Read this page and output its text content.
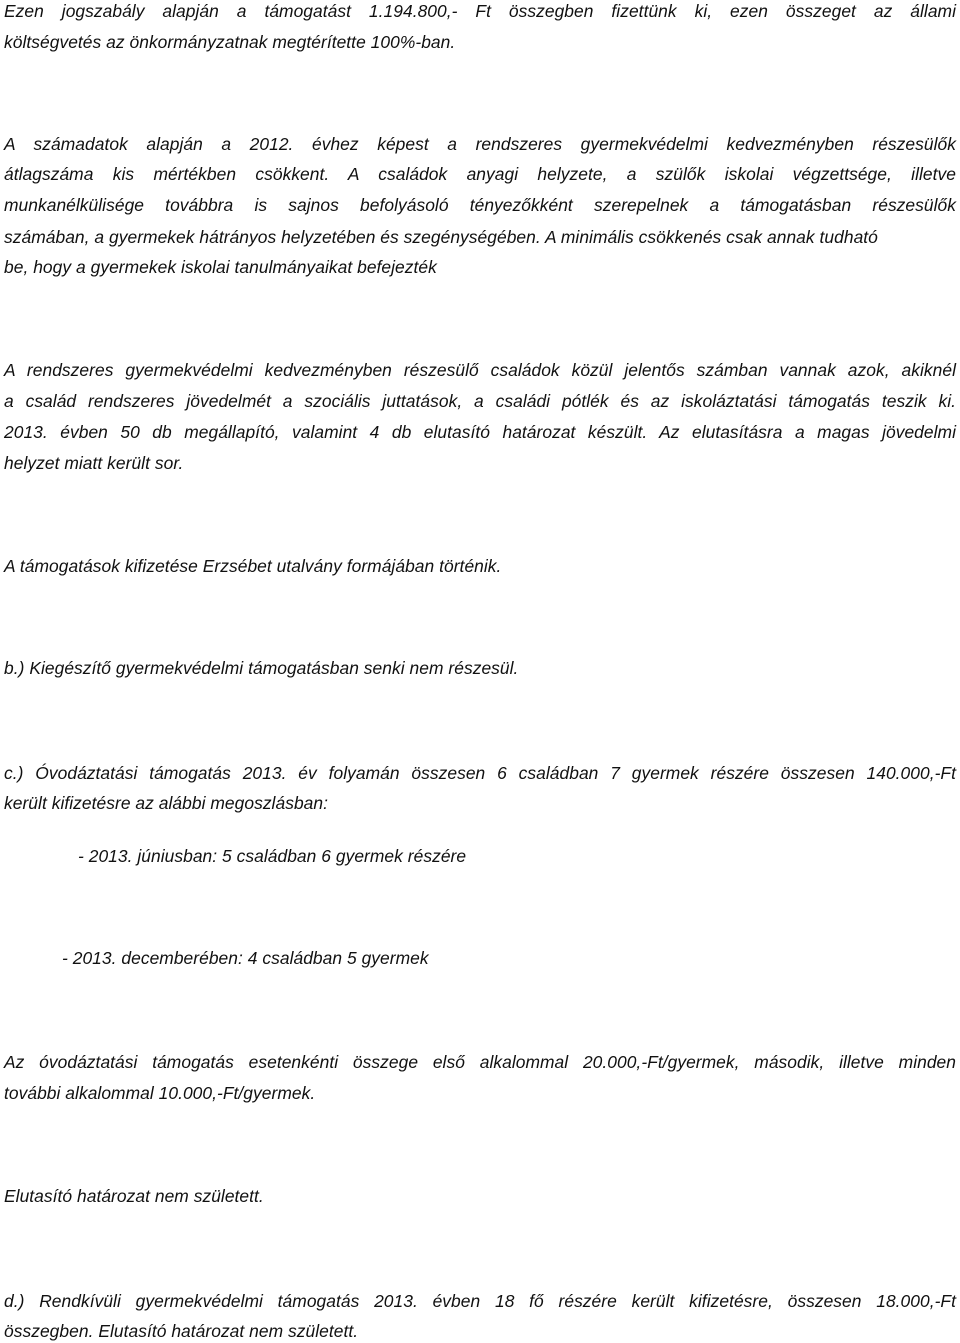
Ezen jogszabály alapján a támogatást 1.194.800,- Ft összegben fizettünk ki, ezen összeget az állami
költségvetés az önkormányzatnak megtérítette 100%-ban.
A számadatok alapján a 2012. évhez képest a rendszeres gyermekvédelmi kedvezményben részesülők
átlagszáma kis mértékben csökkent. A családok anyagi helyzete, a szülők iskolai végzettsége, illetve
munkanélkülisége továbbra is sajnos befolyásoló tényezőkként szerepelnek a támogatásban részesülők
számában, a gyermekek hátrányos helyzetében és szegénységében. A minimális csökkenés csak annak tudható
be, hogy a gyermekek iskolai tanulmányaikat befejezték
A rendszeres gyermekvédelmi kedvezményben részesülő családok közül jelentős számban vannak azok, akiknél
a család rendszeres jövedelmét a szociális juttatások, a családi pótlék és az iskoláztatási támogatás teszik ki.
2013. évben 50 db megállapító, valamint 4 db elutasító határozat készült. Az elutasításra a magas jövedelmi
helyzet miatt került sor.
A támogatások kifizetése Erzsébet utalvány formájában történik.
b.) Kiegészítő gyermekvédelmi támogatásban senki nem részesül.
c.) Óvodáztatási támogatás 2013. év folyamán összesen 6 családban 7 gyermek részére összesen 140.000,-Ft
került kifizetésre az alábbi megoszlásban:
- 2013. júniusban: 5 családban 6 gyermek részére
- 2013. decemberében: 4 családban 5 gyermek
Az óvodáztatási támogatás esetenkénti összege első alkalommal 20.000,-Ft/gyermek, második, illetve minden
további alkalommal 10.000,-Ft/gyermek.
Elutasító határozat nem született.
d.) Rendkívüli gyermekvédelmi támogatás 2013. évben 18 fő részére került kifizetésre, összesen 18.000,-Ft
összegben. Elutasító határozat nem született.
